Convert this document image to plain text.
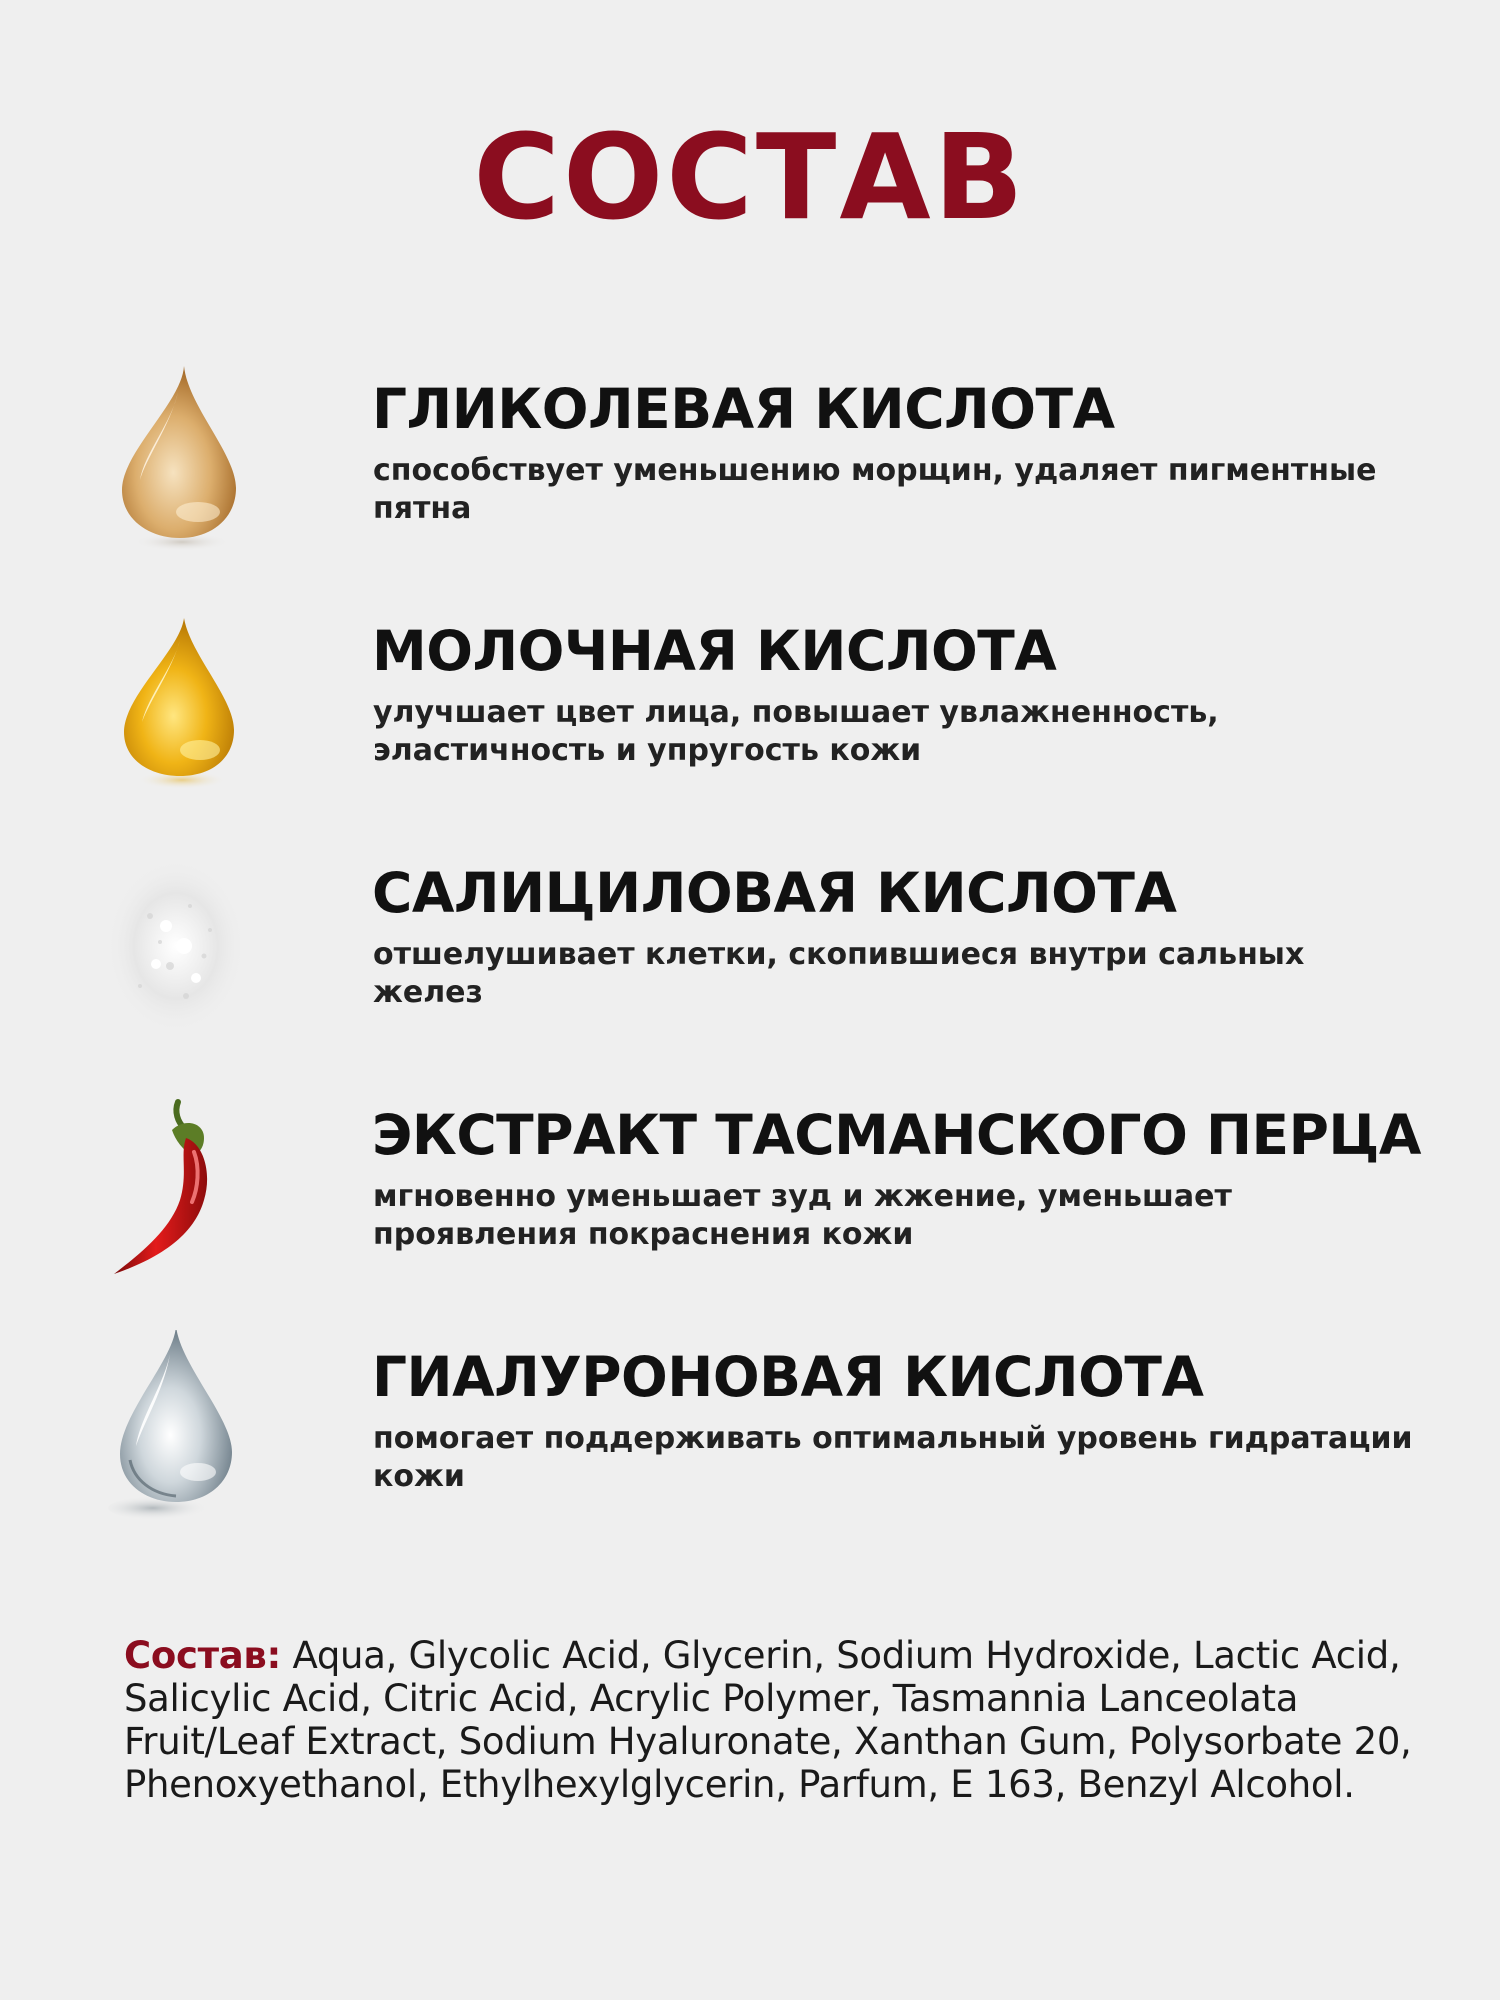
СОСТАВ
ГЛИКОЛЕВАЯ КИСЛОТА
способствует уменьшению морщин, удаляет пигментные пятна
МОЛОЧНАЯ КИСЛОТА
улучшает цвет лица, повышает увлажненность, эластичность и упругость кожи
САЛИЦИЛОВАЯ КИСЛОТА
отшелушивает клетки, скопившиеся внутри сальных желез
ЭКСТРАКТ ТАСМАНСКОГО ПЕРЦА
мгновенно уменьшает зуд и жжение, уменьшает проявления покраснения кожи
ГИАЛУРОНОВАЯ КИСЛОТА
помогает поддерживать оптимальный уровень гидратации кожи
Состав: Aqua, Glycolic Acid, Glycerin, Sodium Hydroxide, Lactic Acid, Salicylic Acid, Citric Acid, Acrylic Polymer, Tasmannia Lanceolata Fruit/Leaf Extract, Sodium Hyaluronate, Xanthan Gum, Polysorbate 20, Phenoxyethanol, Ethylhexylglycerin, Parfum, E 163, Benzyl Alcohol.
